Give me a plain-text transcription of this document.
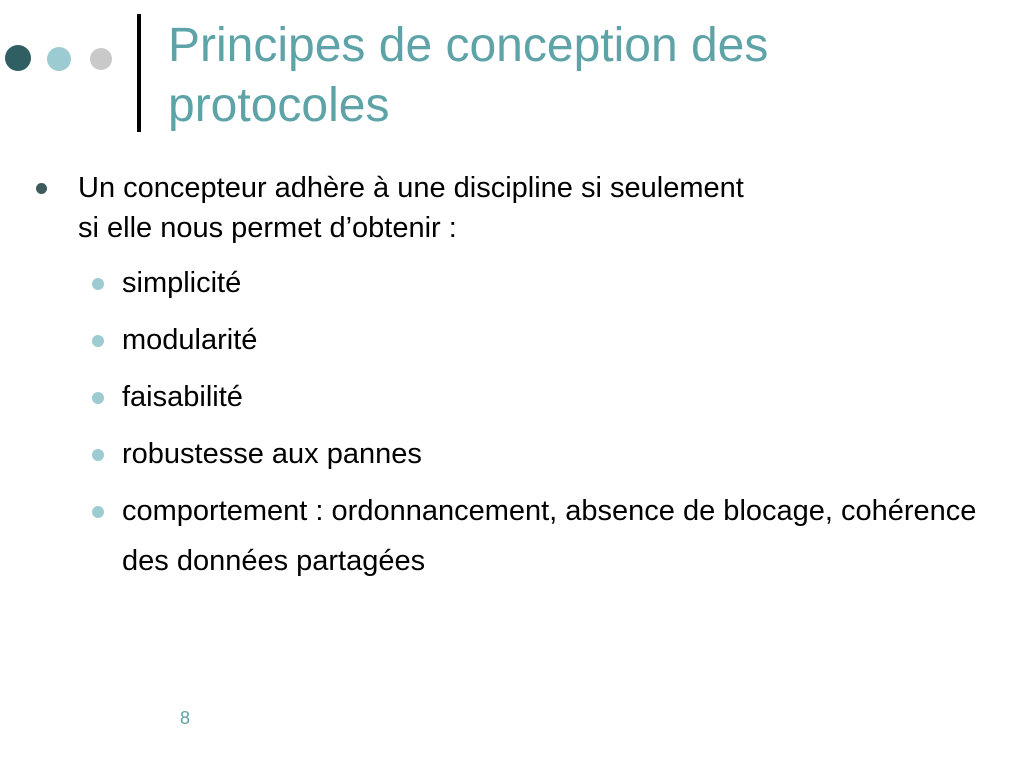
Principes de conception des protocoles
Un concepteur adhère à une discipline si seulement
si elle nous permet d’obtenir :
simplicité
modularité
faisabilité
robustesse aux pannes
comportement : ordonnancement, absence de blocage, cohérence des données partagées
8
